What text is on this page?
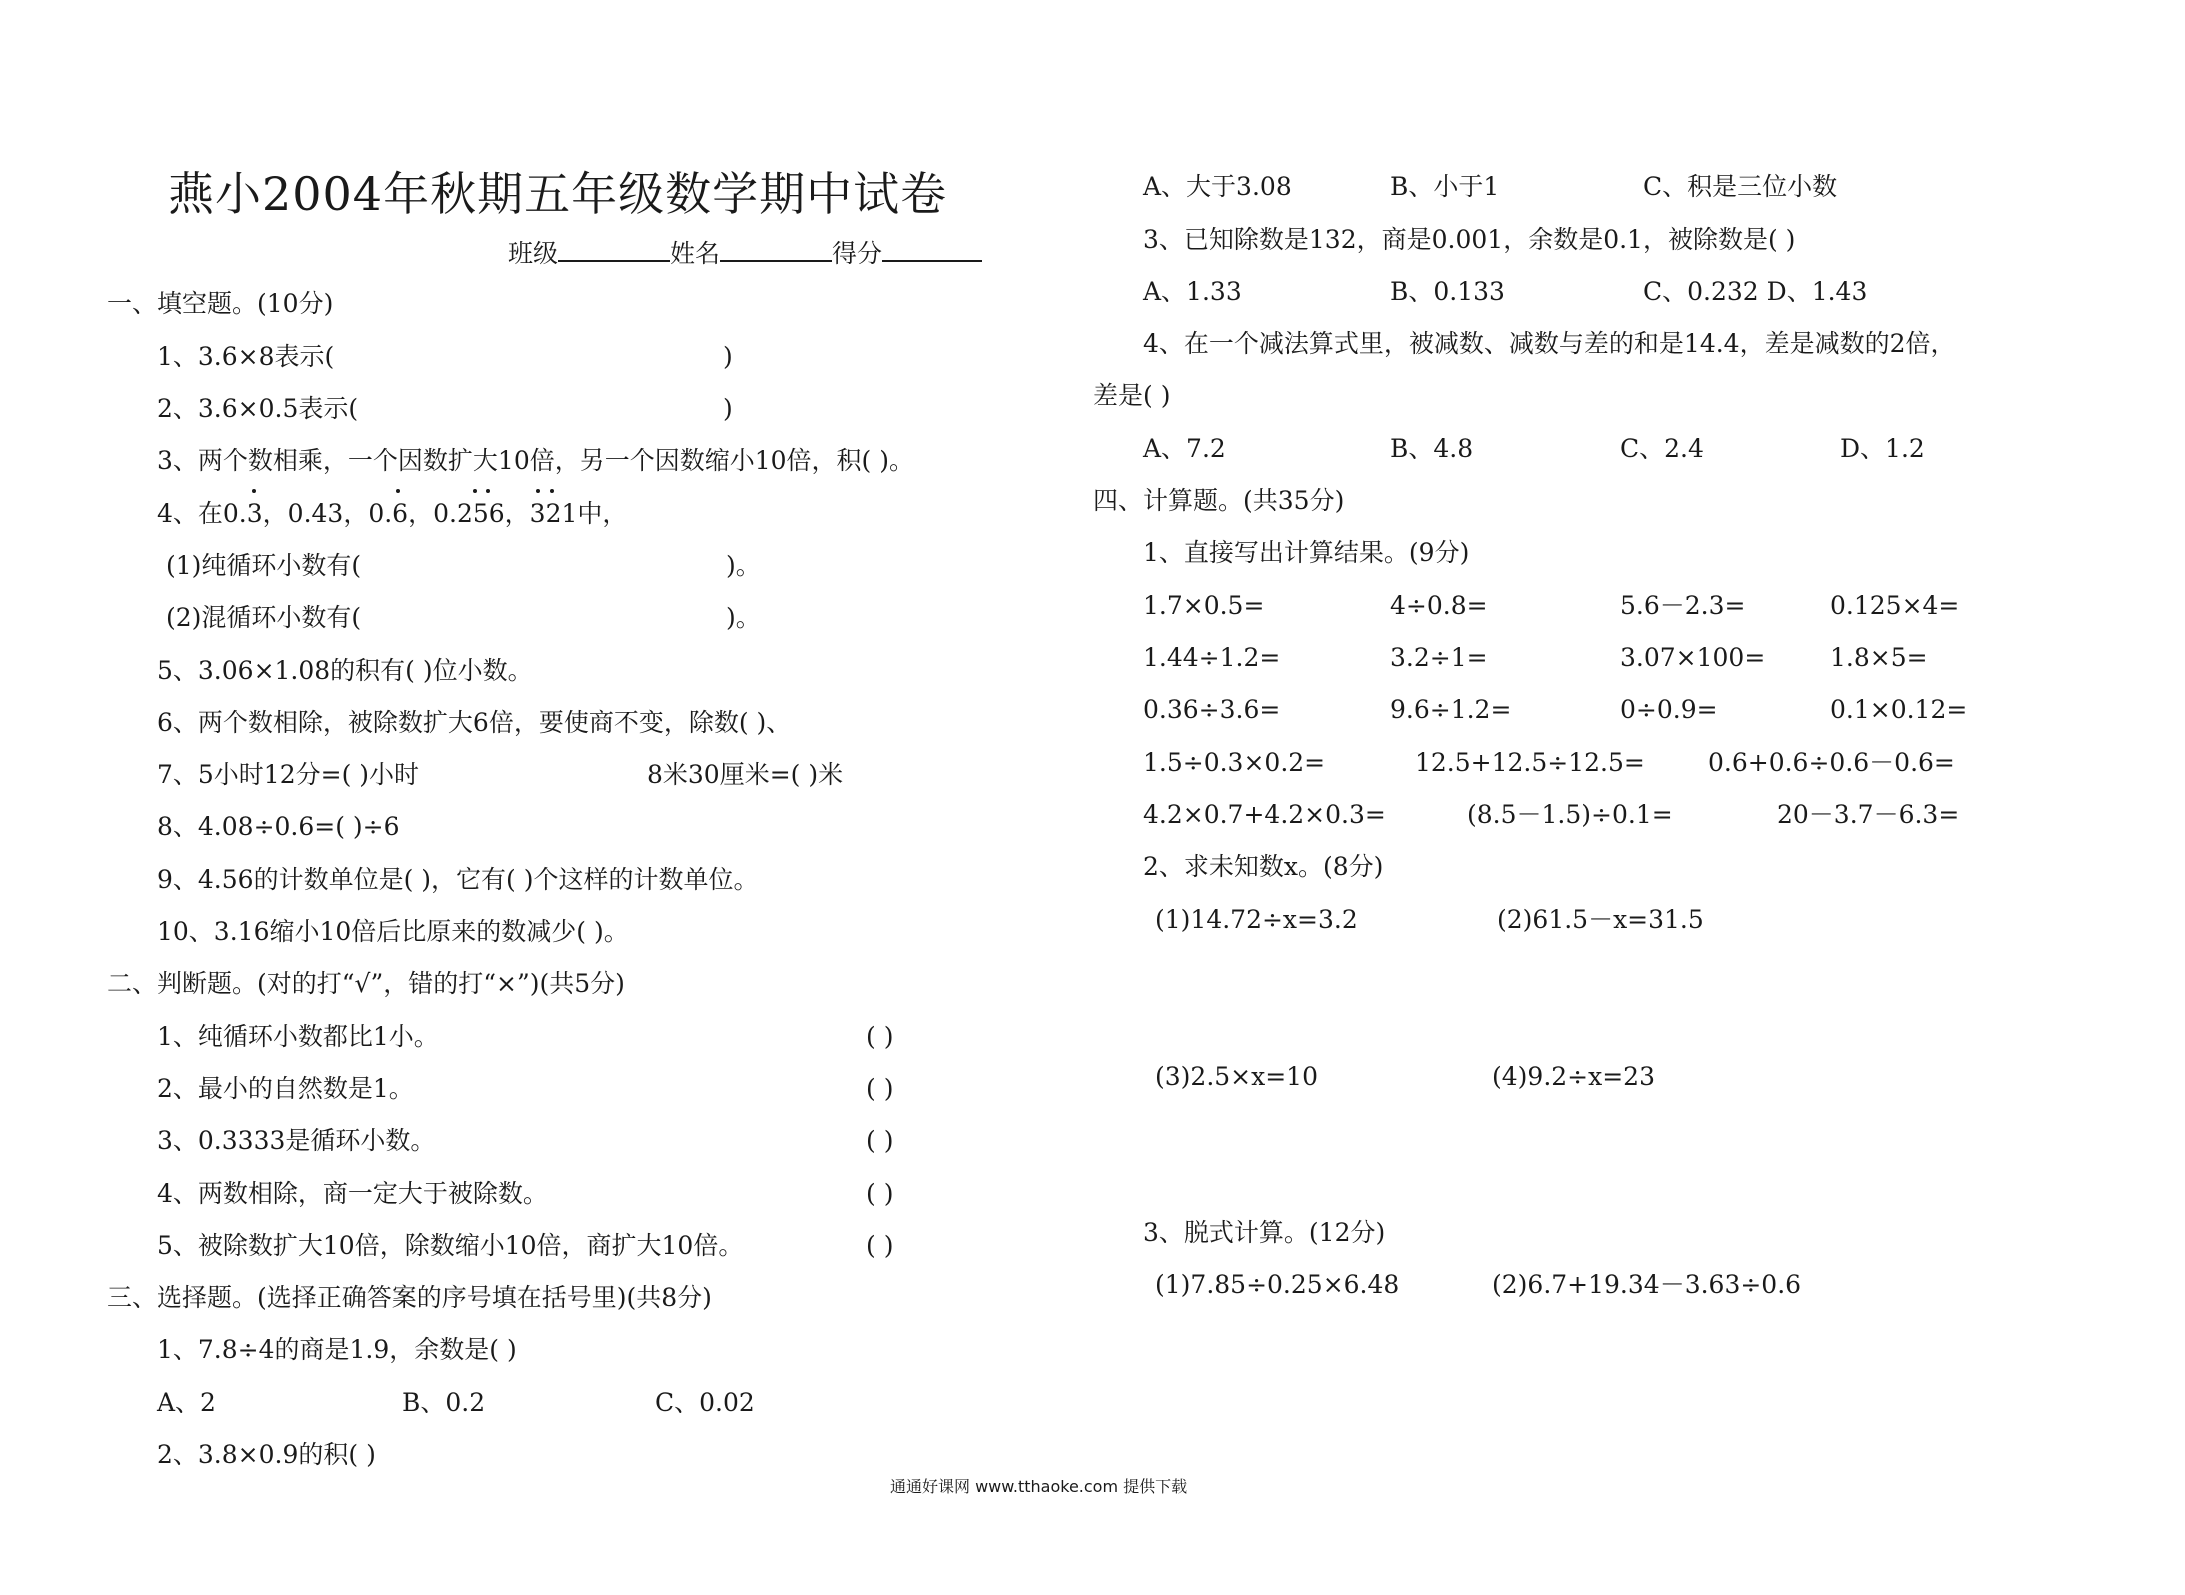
燕小2004年秋期五年级数学期中试卷
班级	姓名	得分
一、填空题。(10分)
1、3.6×8表示(	)
2、3.6×0.5表示(	)
3、两个数相乘，一个因数扩大10倍，另一个因数缩小10倍，积( )。
4、在0.3，0.43，0.6，0.256，321中，
(1)纯循环小数有(	)。
(2)混循环小数有(	)。
5、3.06×1.08的积有( )位小数。
6、两个数相除，被除数扩大6倍，要使商不变，除数( )、
7、5小时12分=( )小时	8米30厘米=( )米
8、4.08÷0.6=( )÷6
9、4.56的计数单位是( )，它有( )个这样的计数单位。
10、3.16缩小10倍后比原来的数减少( )。
二、判断题。(对的打“√”，错的打“×”)(共5分)
1、纯循环小数都比1小。	( )
2、最小的自然数是1。	( )
3、0.3333是循环小数。	( )
4、两数相除，商一定大于被除数。	( )
5、被除数扩大10倍，除数缩小10倍，商扩大10倍。	( )
三、选择题。(选择正确答案的序号填在括号里)(共8分)
1、7.8÷4的商是1.9，余数是( )
A、2	B、0.2	C、0.02
2、3.8×0.9的积( )
A、大于3.08	B、小于1	C、积是三位小数
3、已知除数是132，商是0.001，余数是0.1，被除数是( )
A、1.33	B、0.133	C、0.232 D、1.43
4、在一个减法算式里，被减数、减数与差的和是14.4，差是减数的2倍，
差是( )
A、7.2	B、4.8	C、2.4	D、1.2
四、计算题。(共35分)
1、直接写出计算结果。(9分)
1.7×0.5=	4÷0.8=	5.6－2.3=	0.125×4=
1.44÷1.2=	3.2÷1=	3.07×100=	1.8×5=
0.36÷3.6=	9.6÷1.2=	0÷0.9=	0.1×0.12=
1.5÷0.3×0.2=	12.5+12.5÷12.5=	0.6+0.6÷0.6－0.6=
4.2×0.7+4.2×0.3=	(8.5－1.5)÷0.1=	20－3.7－6.3=
2、求未知数x。(8分)
(1)14.72÷x=3.2	(2)61.5－x=31.5
(3)2.5×x=10	(4)9.2÷x=23
3、脱式计算。(12分)
(1)7.85÷0.25×6.48	(2)6.7+19.34－3.63÷0.6
通通好课网 www.tthaoke.com 提供下载
